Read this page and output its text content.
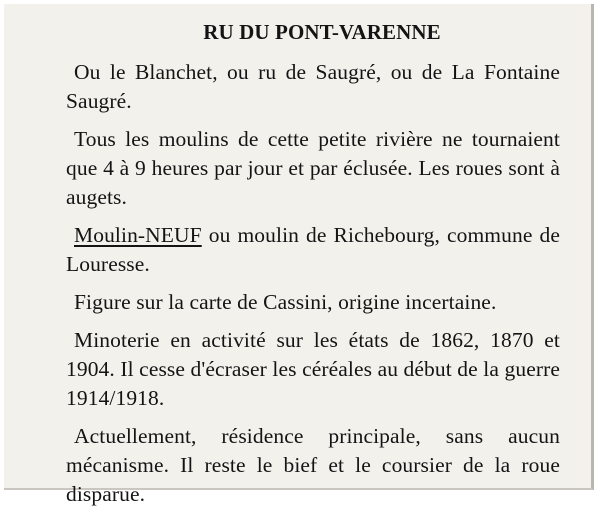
RU DU PONT-VARENNE

Ou le Blanchet, ou ru de Saugré, ou de La Fontaine Saugré.

Tous les moulins de cette petite rivière ne tournaient que 4 à 9 heures par jour et par éclusée. Les roues sont à augets.

Moulin-NEUF ou moulin de Richebourg, commune de Louresse.

Figure sur la carte de Cassini, origine incertaine.

Minoterie en activité sur les états de 1862, 1870 et 1904. Il cesse d'écraser les céréales au début de la guerre 1914/1918.

Actuellement, résidence principale, sans aucun mécanisme. Il reste le bief et le coursier de la roue disparue.
